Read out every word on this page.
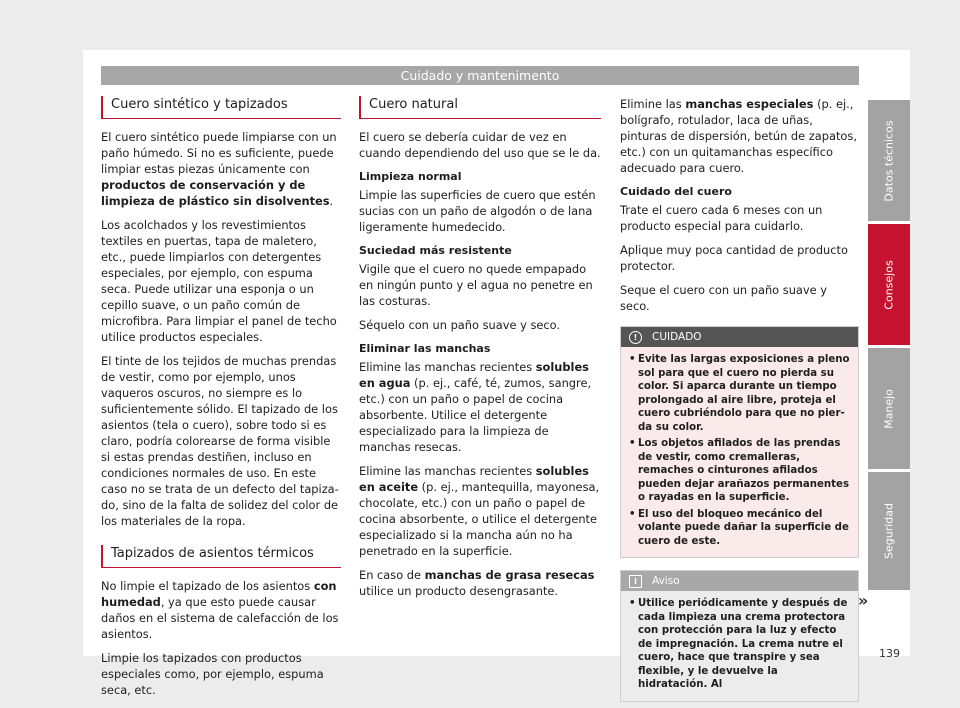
Cuidado y mantenimento
Cuero sintético y tapizados

El cuero sintético puede limpiarse con un paño húmedo. Si no es suficiente, puede limpiar estas piezas únicamente con productos de conservación y de limpieza de plástico sin disolventes.

Los acolchados y los revestimientos textiles en puertas, tapa de maletero, etc., puede limpiarlos con detergentes especiales, por ejemplo, con espuma seca. Puede utilizar una esponja o un cepillo suave, o un paño común de microfibra. Para limpiar el panel de techo utilice productos especiales.

El tinte de los tejidos de muchas prendas de vestir, como por ejemplo, unos vaqueros oscuros, no siempre es lo suficientemente sólido. El tapizado de los asientos (tela o cuero), sobre todo si es claro, podría colorearse de forma visible si estas prendas destiñen, incluso en condiciones normales de uso. En este caso no se trata de un defecto del tapizado, sino de la falta de solidez del color de los materiales de la ropa.

Tapizados de asientos térmicos

No limpie el tapizado de los asientos con humedad, ya que esto puede causar daños en el sistema de calefacción de los asientos.

Limpie los tapizados con productos especiales como, por ejemplo, espuma seca, etc.

Cuero natural

El cuero se debería cuidar de vez en cuando dependiendo del uso que se le da.

Limpieza normal

Limpie las superficies de cuero que estén sucias con un paño de algodón o de lana ligeramente humedecido.

Suciedad más resistente

Vigile que el cuero no quede empapado en ningún punto y el agua no penetre en las costuras.

Séquelo con un paño suave y seco.

Eliminar las manchas

Elimine las manchas recientes solubles en agua (p. ej., café, té, zumos, sangre, etc.) con un paño o papel de cocina absorbente. Utilice el detergente especializado para la limpieza de manchas resecas.

Elimine las manchas recientes solubles en aceite (p. ej., mantequilla, mayonesa, chocolate, etc.) con un paño o papel de cocina absorbente, o utilice el detergente especializado si la mancha aún no ha penetrado en la superficie.

En caso de manchas de grasa resecas utilice un producto desengrasante.

Elimine las manchas especiales (p. ej., bolígrafo, rotulador, laca de uñas, pinturas de dispersión, betún de zapatos, etc.) con un quitamanchas específico adecuado para cuero.

Cuidado del cuero

Trate el cuero cada 6 meses con un producto especial para cuidarlo.

Aplique muy poca cantidad de producto protector.

Seque el cuero con un paño suave y seco.

!	CUIDADO
• Evite las largas exposiciones a pleno sol para que el cuero no pierda su color. Si aparca durante un tiempo prolongado al aire libre, proteja el cuero cubriéndolo para que no pierda su color.
• Los objetos afilados de las prendas de vestir, como cremalleras, remaches o cinturones afilados pueden dejar arañazos permanentes o rayadas en la superficie.
• El uso del bloqueo mecánico del volante puede dañar la superficie de cuero de este.
i	Aviso
• Utilice periódicamente y después de cada limpieza una crema protectora con protección para la luz y efecto de impregnación. La crema nutre el cuero, hace que transpire y sea flexible, y le devuelve la hidratación. Al
»
Datos técnicos
Consejos
Manejo
Seguridad
139
